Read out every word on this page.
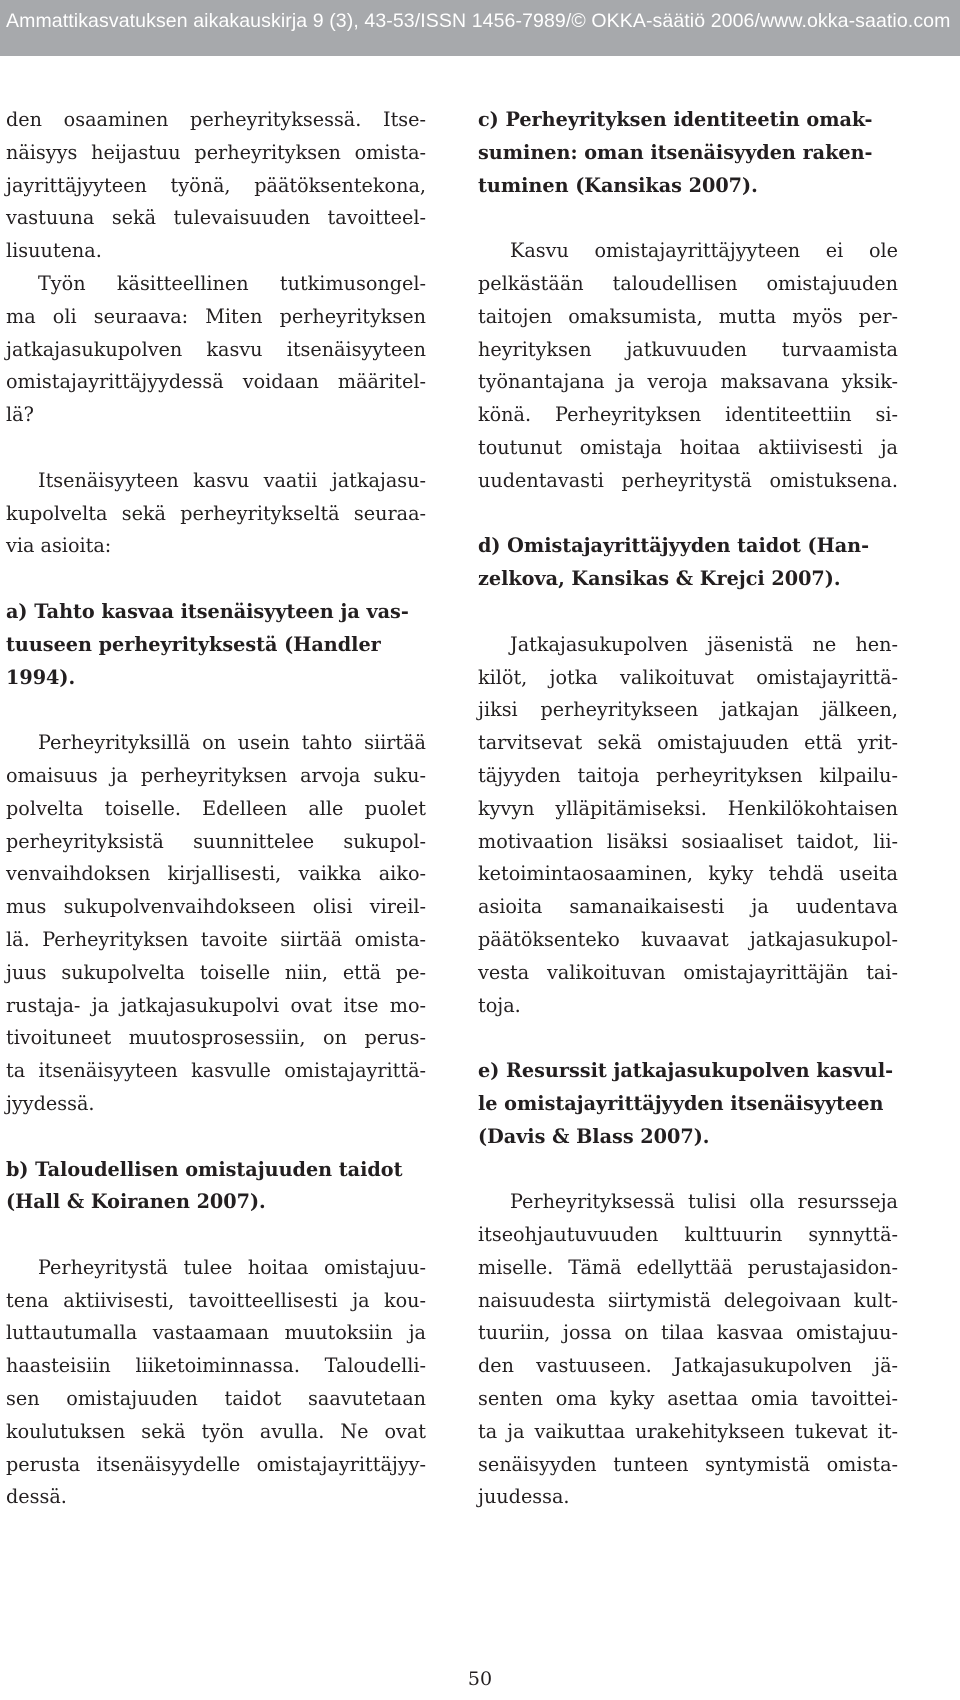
Ammattikasvatuksen aikakauskirja 9 (3), 43-53/ISSN 1456-7989/© OKKA-säätiö 2006/www.okka-saatio.com
den osaaminen perheyrityksessä. Itse-
näisyys heijastuu perheyrityksen omista-
jayrittäjyyteen työnä, päätöksentekona,
vastuuna sekä tulevaisuuden tavoitteel-
lisuutena.
Työn käsitteellinen tutkimusongel-
ma oli seuraava: Miten perheyrityksen
jatkajasukupolven kasvu itsenäisyyteen
omistajayrittäjyydessä voidaan määritel-
lä?
Itsenäisyyteen kasvu vaatii jatkajasu-
kupolvelta sekä perheyritykseltä seuraa-
via asioita:
a) Tahto kasvaa itsenäisyyteen ja vas-
tuuseen perheyrityksestä (Handler
1994).
Perheyrityksillä on usein tahto siirtää
omaisuus ja perheyrityksen arvoja suku-
polvelta toiselle. Edelleen alle puolet
perheyrityksistä suunnittelee sukupol-
venvaihdoksen kirjallisesti, vaikka aiko-
mus sukupolvenvaihdokseen olisi vireil-
lä. Perheyrityksen tavoite siirtää omista-
juus sukupolvelta toiselle niin, että pe-
rustaja- ja jatkajasukupolvi ovat itse mo-
tivoituneet muutosprosessiin, on perus-
ta itsenäisyyteen kasvulle omistajayrittä-
jyydessä.
b) Taloudellisen omistajuuden taidot
(Hall & Koiranen 2007).
Perheyritystä tulee hoitaa omistajuu-
tena aktiivisesti, tavoitteellisesti ja kou-
luttautumalla vastaamaan muutoksiin ja
haasteisiin liiketoiminnassa. Taloudelli-
sen omistajuuden taidot saavutetaan
koulutuksen sekä työn avulla. Ne ovat
perusta itsenäisyydelle omistajayrittäjyy-
dessä.
c) Perheyrityksen identiteetin omak-
suminen: oman itsenäisyyden raken-
tuminen (Kansikas 2007).
Kasvu omistajayrittäjyyteen ei ole
pelkästään taloudellisen omistajuuden
taitojen omaksumista, mutta myös per-
heyrityksen jatkuvuuden turvaamista
työnantajana ja veroja maksavana yksik-
könä. Perheyrityksen identiteettiin si-
toutunut omistaja hoitaa aktiivisesti ja
uudentavasti perheyritystä omistuksena.
d) Omistajayrittäjyyden taidot (Han-
zelkova, Kansikas & Krejci 2007).
Jatkajasukupolven jäsenistä ne hen-
kilöt, jotka valikoituvat omistajayrittä-
jiksi perheyritykseen jatkajan jälkeen,
tarvitsevat sekä omistajuuden että yrit-
täjyyden taitoja perheyrityksen kilpailu-
kyvyn ylläpitämiseksi. Henkilökohtaisen
motivaation lisäksi sosiaaliset taidot, lii-
ketoimintaosaaminen, kyky tehdä useita
asioita samanaikaisesti ja uudentava
päätöksenteko kuvaavat jatkajasukupol-
vesta valikoituvan omistajayrittäjän tai-
toja.
e) Resurssit jatkajasukupolven kasvul-
le omistajayrittäjyyden itsenäisyyteen
(Davis & Blass 2007).
Perheyrityksessä tulisi olla resursseja
itseohjautuvuuden kulttuurin synnyttä-
miselle. Tämä edellyttää perustajasidon-
naisuudesta siirtymistä delegoivaan kult-
tuuriin, jossa on tilaa kasvaa omistajuu-
den vastuuseen. Jatkajasukupolven jä-
senten oma kyky asettaa omia tavoittei-
ta ja vaikuttaa urakehitykseen tukevat it-
senäisyyden tunteen syntymistä omista-
juudessa.
50
